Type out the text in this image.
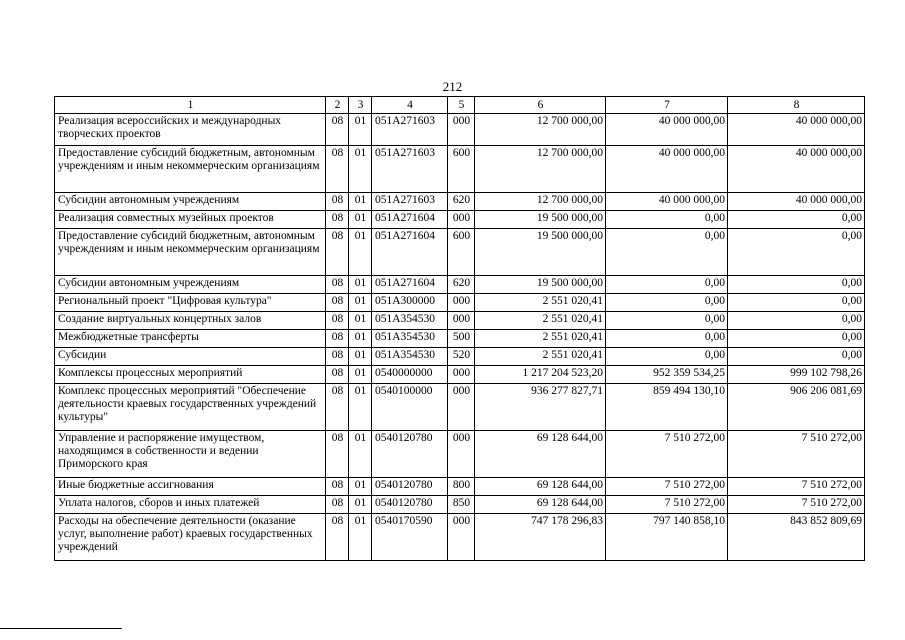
212
1	2	3	4	5	6	7	8
Реализация всероссийских и международных творческих проектов	08	01	051A271603	000	12 700 000,00	40 000 000,00	40 000 000,00
Предоставление субсидий бюджетным, автономным учреждениям и иным некоммерческим организациям	08	01	051A271603	600	12 700 000,00	40 000 000,00	40 000 000,00
Субсидии автономным учреждениям	08	01	051A271603	620	12 700 000,00	40 000 000,00	40 000 000,00
Реализация совместных музейных проектов	08	01	051A271604	000	19 500 000,00	0,00	0,00
Предоставление субсидий бюджетным, автономным учреждениям и иным некоммерческим организациям	08	01	051A271604	600	19 500 000,00	0,00	0,00
Субсидии автономным учреждениям	08	01	051A271604	620	19 500 000,00	0,00	0,00
Региональный проект "Цифровая культура"	08	01	051A300000	000	2 551 020,41	0,00	0,00
Создание виртуальных концертных залов	08	01	051A354530	000	2 551 020,41	0,00	0,00
Межбюджетные трансферты	08	01	051A354530	500	2 551 020,41	0,00	0,00
Субсидии	08	01	051A354530	520	2 551 020,41	0,00	0,00
Комплексы процессных мероприятий	08	01	0540000000	000	1 217 204 523,20	952 359 534,25	999 102 798,26
Комплекс процессных мероприятий "Обеспечение деятельности краевых государственных учреждений культуры"	08	01	0540100000	000	936 277 827,71	859 494 130,10	906 206 081,69
Управление и распоряжение имуществом, находящимся в собственности и ведении Приморского края	08	01	0540120780	000	69 128 644,00	7 510 272,00	7 510 272,00
Иные бюджетные ассигнования	08	01	0540120780	800	69 128 644,00	7 510 272,00	7 510 272,00
Уплата налогов, сборов и иных платежей	08	01	0540120780	850	69 128 644,00	7 510 272,00	7 510 272,00
Расходы на обеспечение деятельности (оказание услуг, выполнение работ) краевых государственных учреждений	08	01	0540170590	000	747 178 296,83	797 140 858,10	843 852 809,69
